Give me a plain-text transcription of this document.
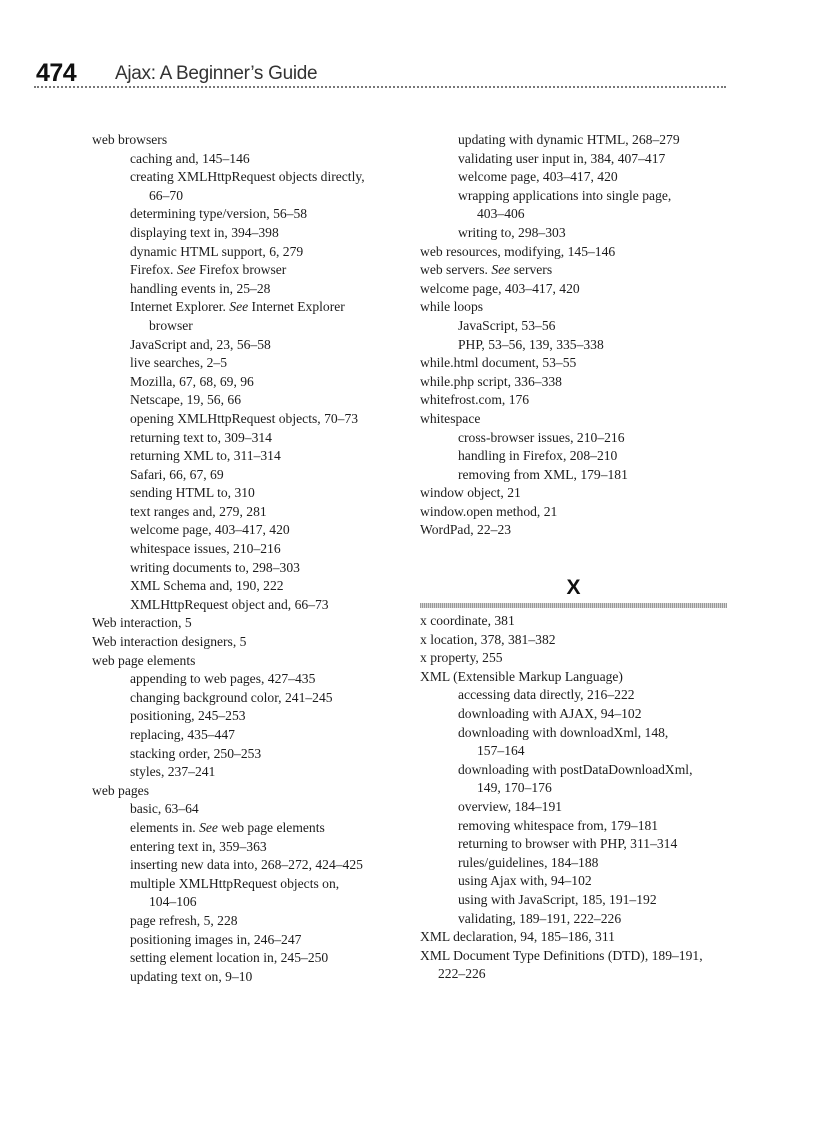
474 Ajax: A Beginner’s Guide
web browsers
caching and, 145–146
creating XMLHttpRequest objects directly,
66–70
determining type/version, 56–58
displaying text in, 394–398
dynamic HTML support, 6, 279
Firefox. See Firefox browser
handling events in, 25–28
Internet Explorer. See Internet Explorer
browser
JavaScript and, 23, 56–58
live searches, 2–5
Mozilla, 67, 68, 69, 96
Netscape, 19, 56, 66
opening XMLHttpRequest objects, 70–73
returning text to, 309–314
returning XML to, 311–314
Safari, 66, 67, 69
sending HTML to, 310
text ranges and, 279, 281
welcome page, 403–417, 420
whitespace issues, 210–216
writing documents to, 298–303
XML Schema and, 190, 222
XMLHttpRequest object and, 66–73
Web interaction, 5
Web interaction designers, 5
web page elements
appending to web pages, 427–435
changing background color, 241–245
positioning, 245–253
replacing, 435–447
stacking order, 250–253
styles, 237–241
web pages
basic, 63–64
elements in. See web page elements
entering text in, 359–363
inserting new data into, 268–272, 424–425
multiple XMLHttpRequest objects on,
104–106
page refresh, 5, 228
positioning images in, 246–247
setting element location in, 245–250
updating text on, 9–10
updating with dynamic HTML, 268–279
validating user input in, 384, 407–417
welcome page, 403–417, 420
wrapping applications into single page,
403–406
writing to, 298–303
web resources, modifying, 145–146
web servers. See servers
welcome page, 403–417, 420
while loops
JavaScript, 53–56
PHP, 53–56, 139, 335–338
while.html document, 53–55
while.php script, 336–338
whitefrost.com, 176
whitespace
cross-browser issues, 210–216
handling in Firefox, 208–210
removing from XML, 179–181
window object, 21
window.open method, 21
WordPad, 22–23
X
x coordinate, 381
x location, 378, 381–382
x property, 255
XML (Extensible Markup Language)
accessing data directly, 216–222
downloading with AJAX, 94–102
downloading with downloadXml, 148,
157–164
downloading with postDataDownloadXml,
149, 170–176
overview, 184–191
removing whitespace from, 179–181
returning to browser with PHP, 311–314
rules/guidelines, 184–188
using Ajax with, 94–102
using with JavaScript, 185, 191–192
validating, 189–191, 222–226
XML declaration, 94, 185–186, 311
XML Document Type Definitions (DTD), 189–191,
222–226
